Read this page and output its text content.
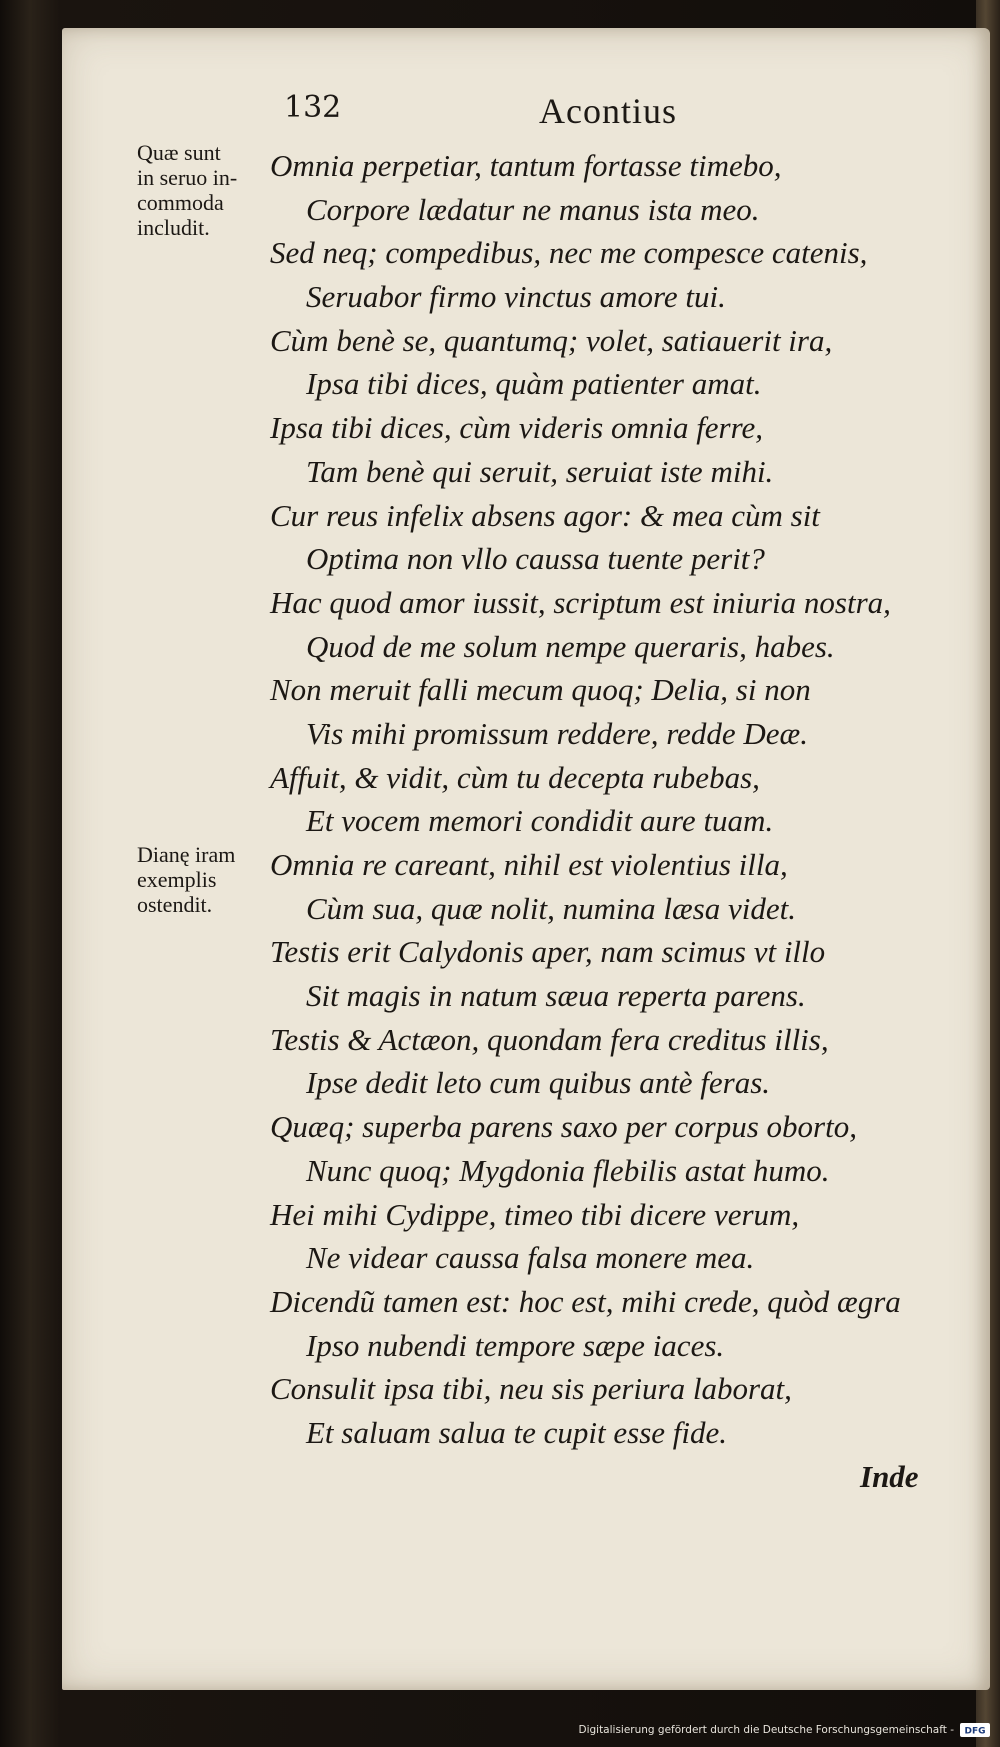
132	Acontius
Quæ sunt
in seruo in-
commoda
includit.
Dianę iram
exemplis
ostendit.
Omnia perpetiar, tantum fortasse timebo,
Corpore lædatur ne manus ista meo.
Sed neq; compedibus, nec me compesce catenis,
Seruabor firmo vinctus amore tui.
Cùm benè se, quantumq; volet, satiauerit ira,
Ipsa tibi dices, quàm patienter amat.
Ipsa tibi dices, cùm videris omnia ferre,
Tam benè qui seruit, seruiat iste mihi.
Cur reus infelix absens agor: & mea cùm sit
Optima non vllo caussa tuente perit?
Hac quod amor iussit, scriptum est iniuria nostra,
Quod de me solum nempe queraris, habes.
Non meruit falli mecum quoq; Delia, si non
Vis mihi promissum reddere, redde Deæ.
Affuit, & vidit, cùm tu decepta rubebas,
Et vocem memori condidit aure tuam.
Omnia re careant, nihil est violentius illa,
Cùm sua, quæ nolit, numina læsa videt.
Testis erit Calydonis aper, nam scimus vt illo
Sit magis in natum sæua reperta parens.
Testis & Actæon, quondam fera creditus illis,
Ipse dedit leto cum quibus antè feras.
Quæq; superba parens saxo per corpus oborto,
Nunc quoq; Mygdonia flebilis astat humo.
Hei mihi Cydippe, timeo tibi dicere verum,
Ne videar caussa falsa monere mea.
Dicendũ tamen est: hoc est, mihi crede, quòd ægra
Ipso nubendi tempore sæpe iaces.
Consulit ipsa tibi, neu sis periura laborat,
Et saluam salua te cupit esse fide.
Inde
Digitalisierung gefördert durch die Deutsche Forschungsgemeinschaft - DFG
